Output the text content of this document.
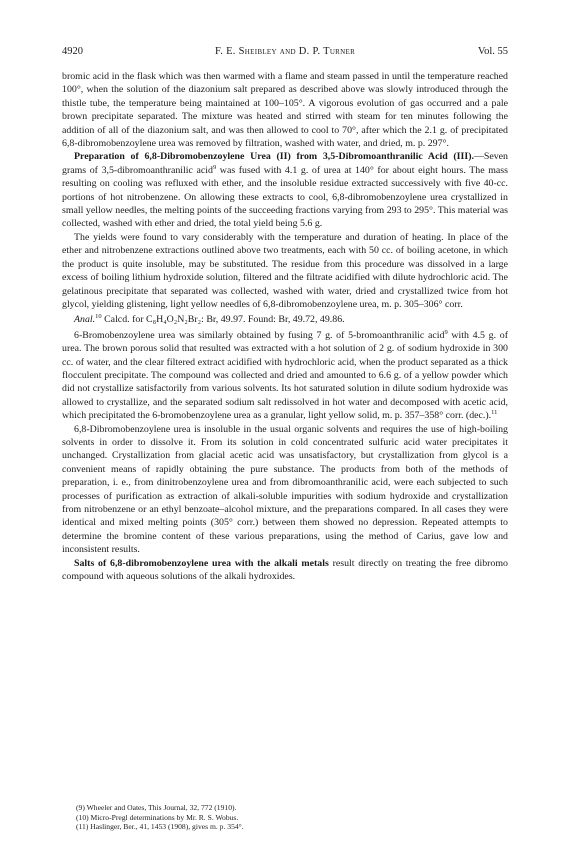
4920	F. E. Sheibley and D. P. Turner	Vol. 55

bromic acid in the flask which was then warmed with a flame and steam passed in until the temperature reached 100°, when the solution of the diazonium salt prepared as described above was slowly introduced through the thistle tube, the temperature being maintained at 100–105°. A vigorous evolution of gas occurred and a pale brown precipitate separated. The mixture was heated and stirred with steam for ten minutes following the addition of all of the diazonium salt, and was then allowed to cool to 70°, after which the 2.1 g. of precipitated 6,8-dibromobenzoylene urea was removed by filtration, washed with water, and dried, m. p. 297°.

Preparation of 6,8-Dibromobenzoylene Urea (II) from 3,5-Dibromoanthranilic Acid (III).—Seven grams of 3,5-dibromoanthranilic acid$^9$ was fused with 4.1 g. of urea at 140° for about eight hours. The mass resulting on cooling was refluxed with ether, and the insoluble residue extracted successively with five 40-cc. portions of hot nitrobenzene. On allowing these extracts to cool, 6,8-dibromobenzoylene urea crystallized in small yellow needles, the melting points of the succeeding fractions varying from 293 to 295°. This material was collected, washed with ether and dried, the total yield being 5.6 g.

The yields were found to vary considerably with the temperature and duration of heating. In place of the ether and nitrobenzene extractions outlined above two treatments, each with 50 cc. of boiling acetone, in which the product is quite insoluble, may be substituted. The residue from this procedure was dissolved in a large excess of boiling lithium hydroxide solution, filtered and the filtrate acidified with dilute hydrochloric acid. The gelatinous precipitate that separated was collected, washed with water, dried and crystallized twice from hot glycol, yielding glistening, light yellow needles of 6,8-dibromobenzoylene urea, m. p. 305–306° corr.

Anal.$^{10}$ Calcd. for C₈H₄O₂N₂Br₂: Br, 49.97. Found: Br, 49.72, 49.86.

6-Bromobenzoylene urea was similarly obtained by fusing 7 g. of 5-bromoanthranilic acid$^9$ with 4.5 g. of urea. The brown porous solid that resulted was extracted with a hot solution of 2 g. of sodium hydroxide in 300 cc. of water, and the clear filtered extract acidified with hydrochloric acid, when the product separated as a thick flocculent precipitate. The compound was collected and dried and amounted to 6.6 g. of a yellow powder which did not crystallize satisfactorily from various solvents. Its hot saturated solution in dilute sodium hydroxide was allowed to crystallize, and the separated sodium salt redissolved in hot water and decomposed with acetic acid, which precipitated the 6-bromobenzoylene urea as a granular, light yellow solid, m. p. 357–358° corr. (dec.).$^{11}$

6,8-Dibromobenzoylene urea is insoluble in the usual organic solvents and requires the use of high-boiling solvents in order to dissolve it. From its solution in cold concentrated sulfuric acid water precipitates it unchanged. Crystallization from glacial acetic acid was unsatisfactory, but crystallization from glycol is a convenient means of rapidly obtaining the pure substance. The products from both of the methods of preparation, i. e., from dinitrobenzoylene urea and from dibromoanthranilic acid, were each subjected to such processes of purification as extraction of alkali-soluble impurities with sodium hydroxide and crystallization from nitrobenzene or an ethyl benzoate–alcohol mixture, and the preparations compared. In all cases they were identical and mixed melting points (305° corr.) between them showed no depression. Repeated attempts to determine the bromine content of these various preparations, using the method of Carius, gave low and inconsistent results.

Salts of 6,8-dibromobenzoylene urea with the alkali metals result directly on treating the free dibromo compound with aqueous solutions of the alkali hydroxides.

(9) Wheeler and Oates, This Journal, 32, 772 (1910).
(10) Micro-Pregl determinations by Mr. R. S. Wobus.
(11) Haslinger, Ber., 41, 1453 (1908), gives m. p. 354°.
